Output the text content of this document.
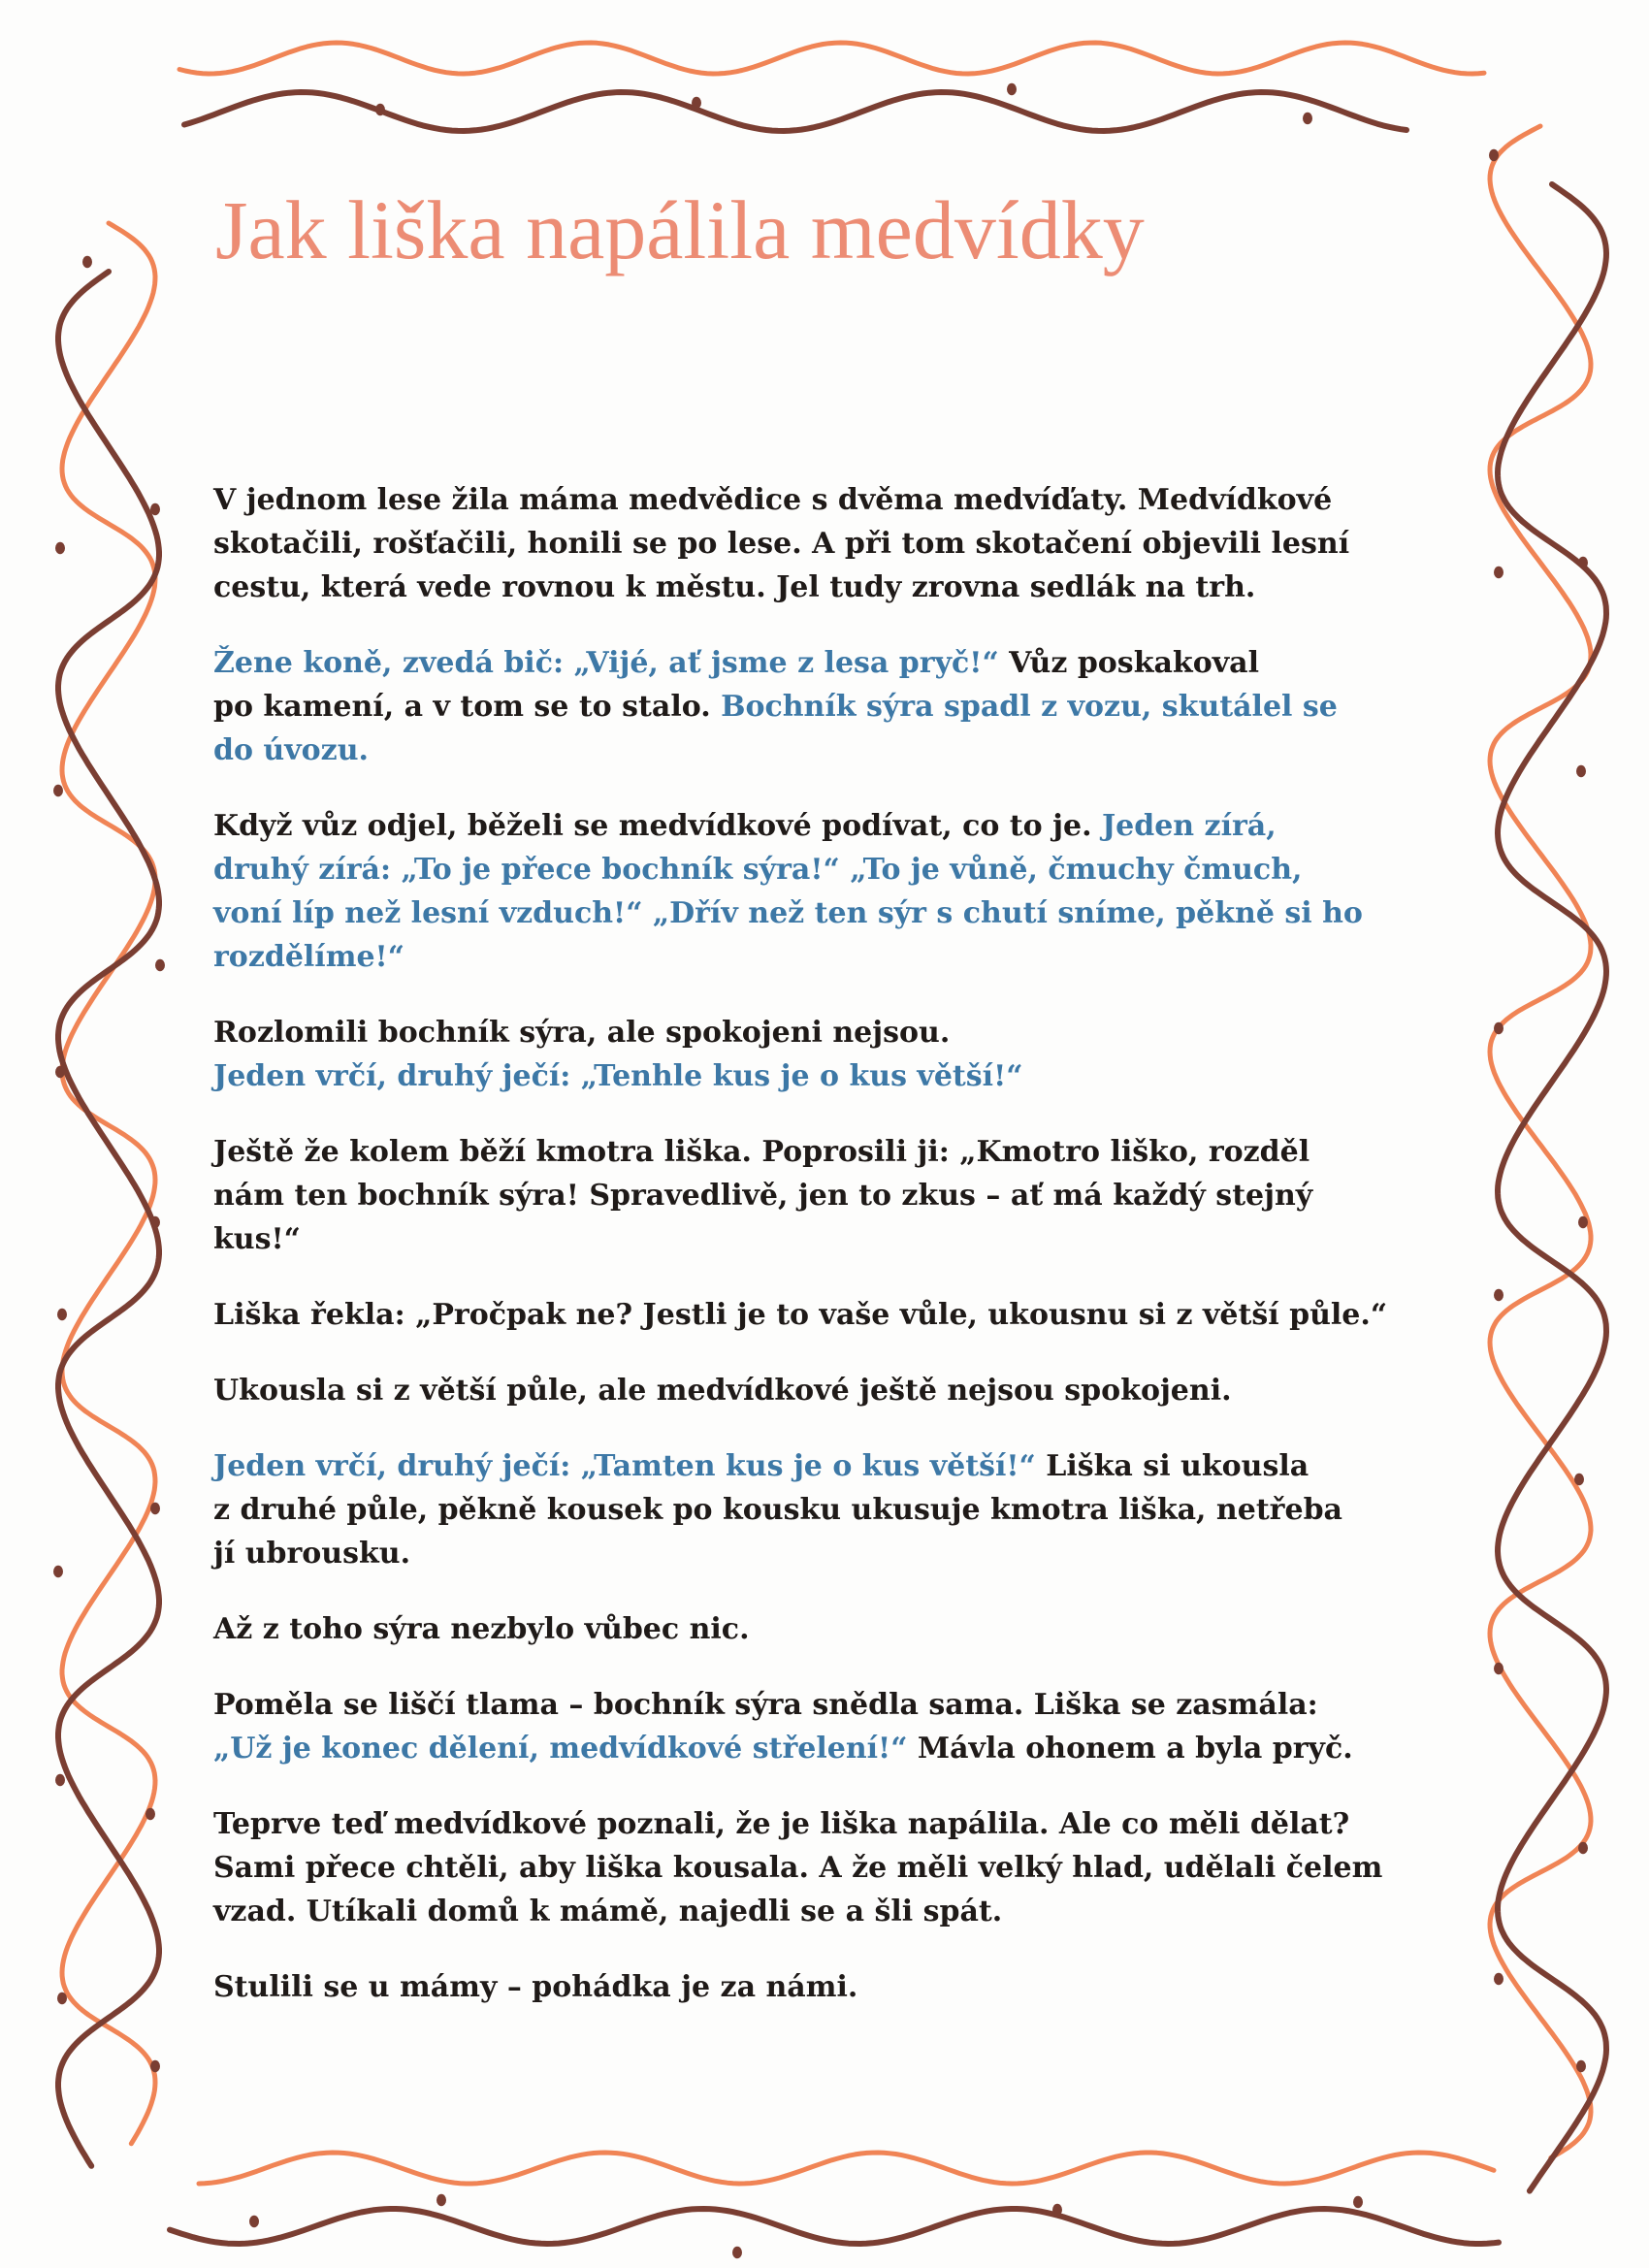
Jak liška napálila medvídky

V jednom lese žila máma medvědice s dvěma medvíďaty. Medvídkové
skotačili, rošťačili, honili se po lese. A při tom skotačení objevili lesní
cestu, která vede rovnou k městu. Jel tudy zrovna sedlák na trh.

Žene koně, zvedá bič: „Vijé, ať jsme z lesa pryč!“ Vůz poskakoval
po kamení, a v tom se to stalo. Bochník sýra spadl z vozu, skutálel se
do úvozu.

Když vůz odjel, běželi se medvídkové podívat, co to je. Jeden zírá,
druhý zírá: „To je přece bochník sýra!“ „To je vůně, čmuchy čmuch,
voní líp než lesní vzduch!“ „Dřív než ten sýr s chutí sníme, pěkně si ho
rozdělíme!“

Rozlomili bochník sýra, ale spokojeni nejsou.
Jeden vrčí, druhý ječí: „Tenhle kus je o kus větší!“

Ještě že kolem běží kmotra liška. Poprosili ji: „Kmotro liško, rozděl
nám ten bochník sýra! Spravedlivě, jen to zkus – ať má každý stejný
kus!“

Liška řekla: „Pročpak ne? Jestli je to vaše vůle, ukousnu si z větší půle.“

Ukousla si z větší půle, ale medvídkové ještě nejsou spokojeni.

Jeden vrčí, druhý ječí: „Tamten kus je o kus větší!“ Liška si ukousla
z druhé půle, pěkně kousek po kousku ukusuje kmotra liška, netřeba
jí ubrousku.

Až z toho sýra nezbylo vůbec nic.

Poměla se liščí tlama – bochník sýra snědla sama. Liška se zasmála:
„Už je konec dělení, medvídkové střelení!“ Mávla ohonem a byla pryč.

Teprve teď medvídkové poznali, že je liška napálila. Ale co měli dělat?
Sami přece chtěli, aby liška kousala. A že měli velký hlad, udělali čelem
vzad. Utíkali domů k mámě, najedli se a šli spát.

Stulili se u mámy – pohádka je za námi.
